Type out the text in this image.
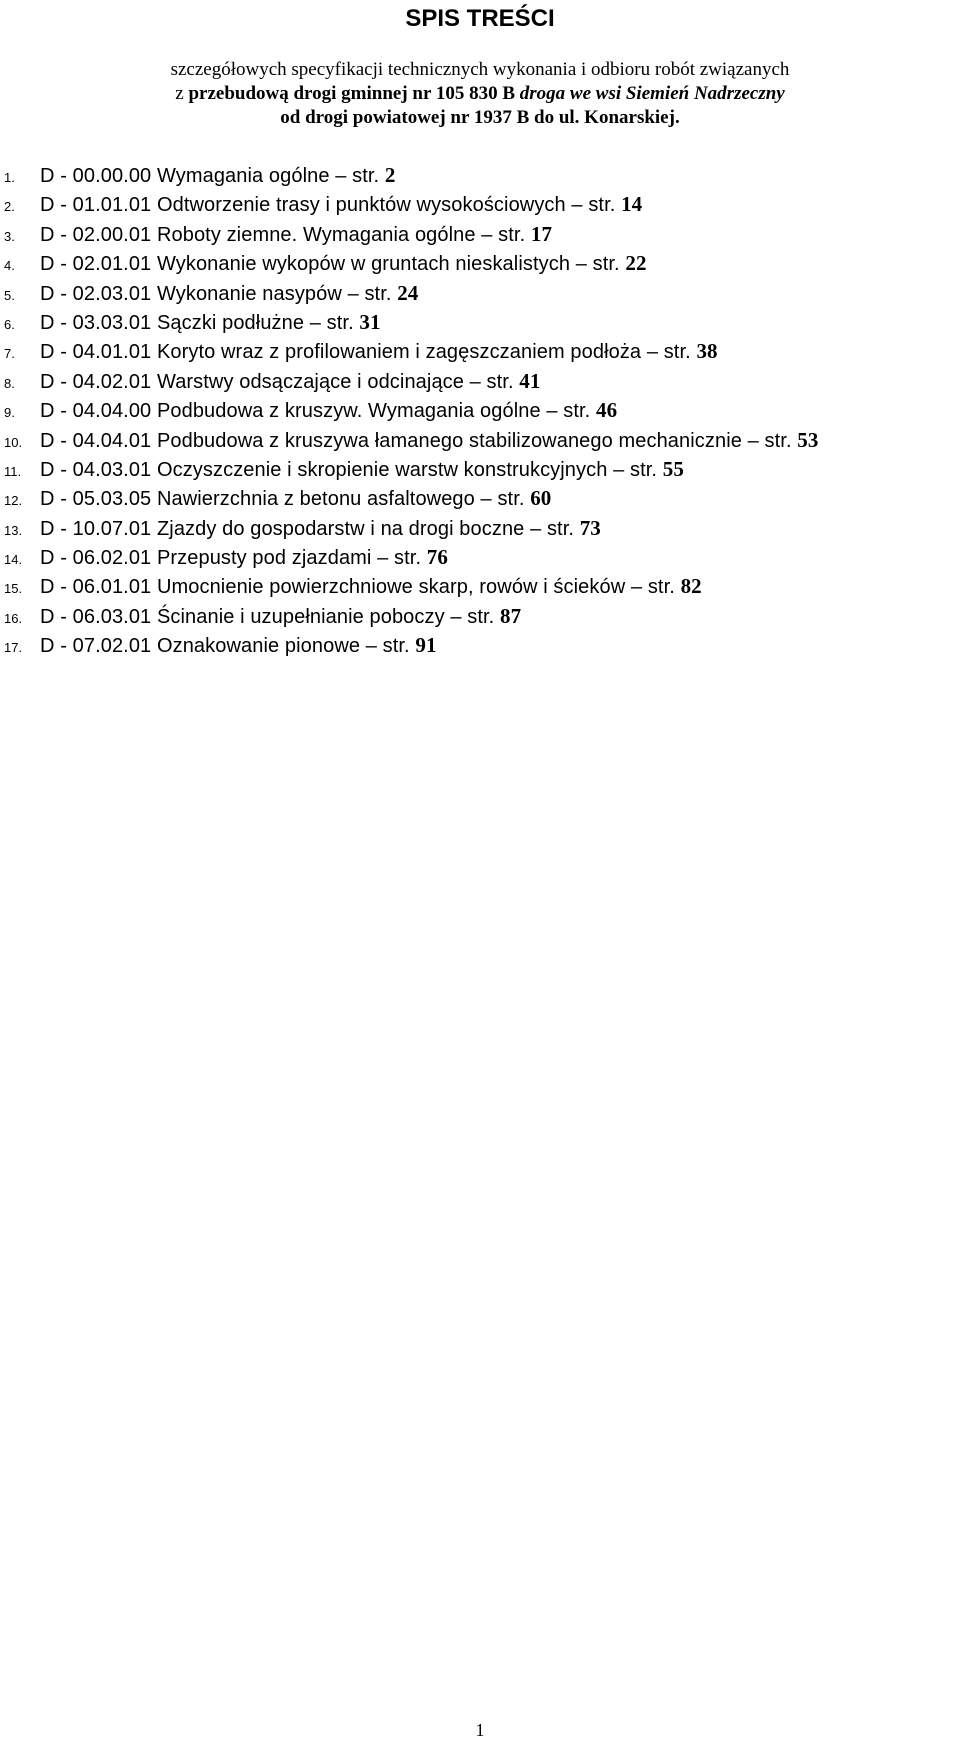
SPIS TREŚCI
szczegółowych specyfikacji technicznych wykonania i odbioru robót związanych
z przebudową drogi gminnej nr 105 830 B droga we wsi Siemień Nadrzeczny
od drogi powiatowej nr 1937 B do ul. Konarskiej.
1. D - 00.00.00 Wymagania ogólne – str. 2
2. D - 01.01.01 Odtworzenie trasy i punktów wysokościowych – str. 14
3. D - 02.00.01 Roboty ziemne. Wymagania ogólne – str. 17
4. D - 02.01.01 Wykonanie wykopów w gruntach nieskalistych – str. 22
5. D - 02.03.01 Wykonanie nasypów – str. 24
6. D - 03.03.01 Sączki podłużne – str. 31
7. D - 04.01.01 Koryto wraz z profilowaniem i zagęszczaniem podłoża – str. 38
8. D - 04.02.01 Warstwy odsączające i odcinające – str. 41
9. D - 04.04.00 Podbudowa z kruszyw. Wymagania ogólne – str. 46
10. D - 04.04.01 Podbudowa z kruszywa łamanego stabilizowanego mechanicznie – str. 53
11. D - 04.03.01 Oczyszczenie i skropienie warstw konstrukcyjnych – str. 55
12. D - 05.03.05 Nawierzchnia z betonu asfaltowego – str. 60
13. D - 10.07.01 Zjazdy do gospodarstw i na drogi boczne – str. 73
14. D - 06.02.01 Przepusty pod zjazdami – str. 76
15. D - 06.01.01 Umocnienie powierzchniowe skarp, rowów i ścieków – str. 82
16. D - 06.03.01 Ścinanie i uzupełnianie poboczy – str. 87
17. D - 07.02.01 Oznakowanie pionowe – str. 91
1
